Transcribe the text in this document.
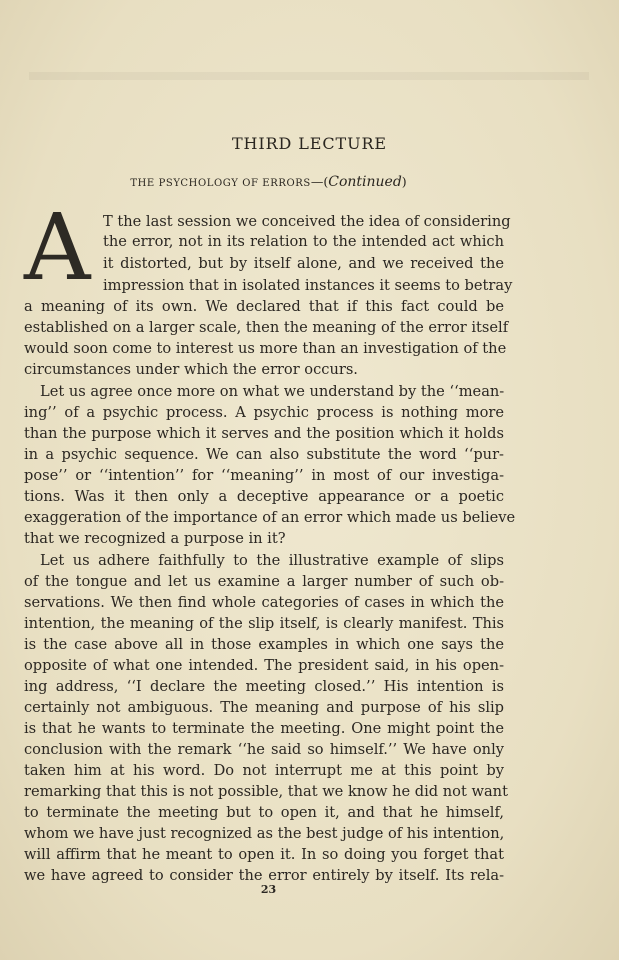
THIRD LECTURE
THE PSYCHOLOGY OF ERRORS—(Continued)
A T the last session we conceived the idea of considering
the error, not in its relation to the intended act which
it distorted, but by itself alone, and we received the
impression that in isolated instances it seems to betray
a meaning of its own. We declared that if this fact could be
established on a larger scale, then the meaning of the error itself
would soon come to interest us more than an investigation of the
circumstances under which the error occurs.
Let us agree once more on what we understand by the ‘‘mean-
ing’’ of a psychic process. A psychic process is nothing more
than the purpose which it serves and the position which it holds
in a psychic sequence. We can also substitute the word ‘‘pur-
pose’’ or ‘‘intention’’ for ‘‘meaning’’ in most of our investiga-
tions. Was it then only a deceptive appearance or a poetic
exaggeration of the importance of an error which made us believe
that we recognized a purpose in it?
Let us adhere faithfully to the illustrative example of slips
of the tongue and let us examine a larger number of such ob-
servations. We then find whole categories of cases in which the
intention, the meaning of the slip itself, is clearly manifest. This
is the case above all in those examples in which one says the
opposite of what one intended. The president said, in his open-
ing address, ‘‘I declare the meeting closed.’’ His intention is
certainly not ambiguous. The meaning and purpose of his slip
is that he wants to terminate the meeting. One might point the
conclusion with the remark ‘‘he said so himself.’’ We have only
taken him at his word. Do not interrupt me at this point by
remarking that this is not possible, that we know he did not want
to terminate the meeting but to open it, and that he himself,
whom we have just recognized as the best judge of his intention,
will affirm that he meant to open it. In so doing you forget that
we have agreed to consider the error entirely by itself. Its rela-
23
